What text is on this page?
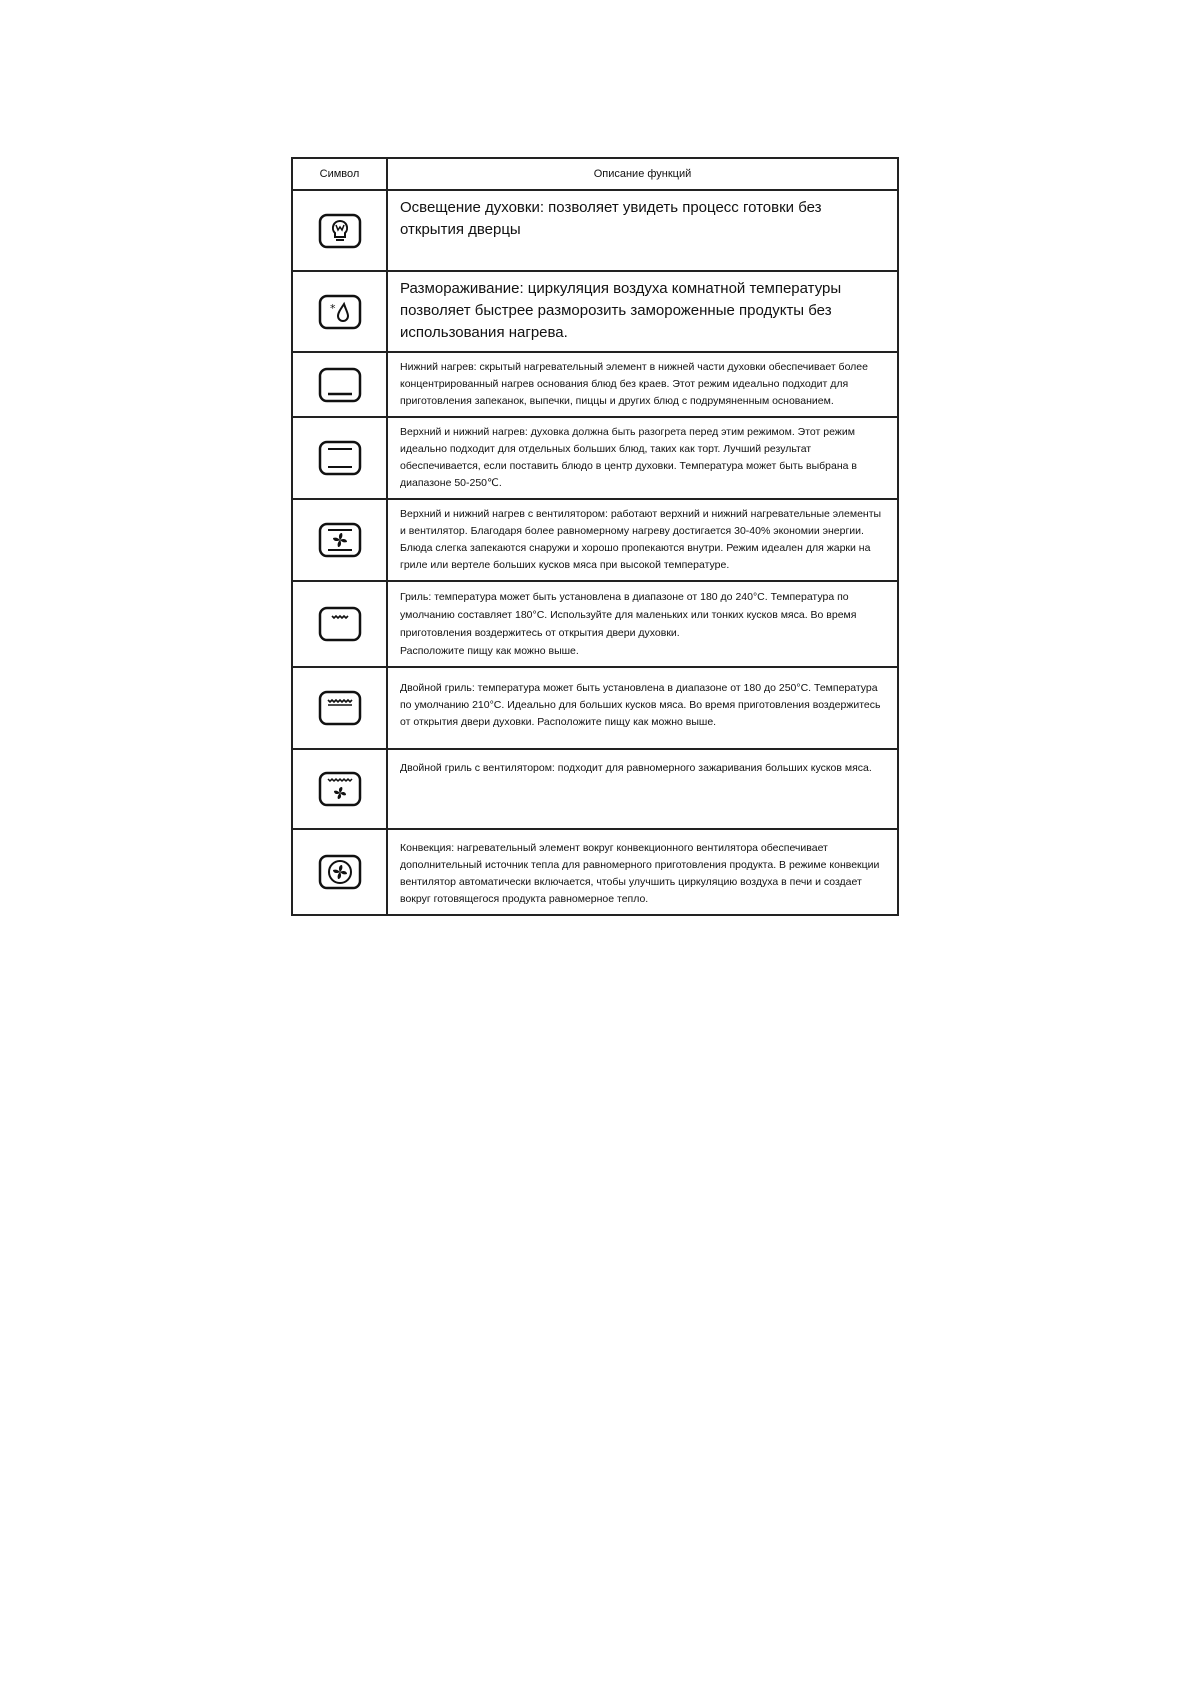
Символ	Описание функций

	Освещение духовки: позволяет увидеть процесс готовки без открытия дверцы

*	Размораживание: циркуляция воздуха комнатной температуры позволяет быстрее разморозить замороженные продукты без использования нагрева.

	Нижний нагрев: скрытый нагревательный элемент в нижней части духовки обеспечивает более концентрированный нагрев основания блюд без краев. Этот режим идеально подходит для приготовления запеканок, выпечки, пиццы и других блюд с подрумяненным основанием.

	Верхний и нижний нагрев: духовка должна быть разогрета перед этим режимом. Этот режим идеально подходит для отдельных больших блюд, таких как торт. Лучший результат обеспечивается, если поставить блюдо в центр духовки. Температура может быть выбрана в диапазоне 50-250℃.

	Верхний и нижний нагрев с вентилятором: работают верхний и нижний нагревательные элементы и вентилятор. Благодаря более равномерному нагреву достигается 30-40% экономии энергии. Блюда слегка запекаются снаружи и хорошо пропекаются внутри. Режим идеален для жарки на гриле или вертеле больших кусков мяса при высокой температуре.

	Гриль: температура может быть установлена в диапазоне от 180 до 240°С. Температура по умолчанию составляет 180°С. Используйте для маленьких или тонких кусков мяса. Во время приготовления воздержитесь от открытия двери духовки.
Расположите пищу как можно выше.

	Двойной гриль: температура может быть установлена в диапазоне от 180 до 250°С. Температура по умолчанию 210°С. Идеально для больших кусков мяса. Во время приготовления воздержитесь от открытия двери духовки. Расположите пищу как можно выше.

	Двойной гриль с вентилятором: подходит для равномерного зажаривания больших кусков мяса.

	Конвекция: нагревательный элемент вокруг конвекционного вентилятора обеспечивает дополнительный источник тепла для равномерного приготовления продукта. В режиме конвекции вентилятор автоматически включается, чтобы улучшить циркуляцию воздуха в печи и создает вокруг готовящегося продукта равномерное тепло.
